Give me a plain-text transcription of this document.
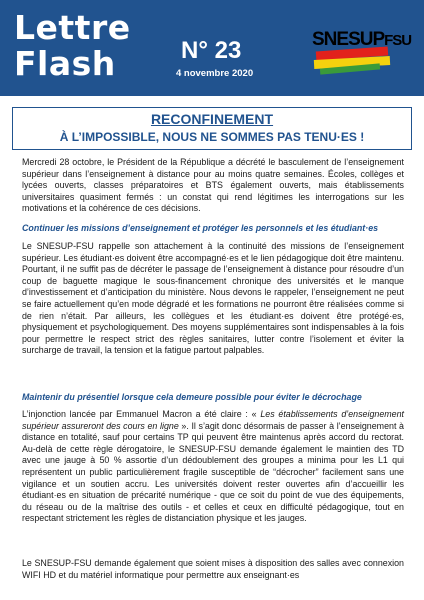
Lettre
Flash	N° 23
4 novembre 2020
SNESUPFSU
RECONFINEMENT
À L’IMPOSSIBLE, NOUS NE SOMMES PAS TENU·ES !

Mercredi 28 octobre, le Président de la République a décrété le basculement de l’enseignement supérieur dans l’enseignement à distance pour au moins quatre semaines. Écoles, collèges et lycées ouverts, classes préparatoires et BTS également ouverts, mais établissements universitaires quasiment fermés : un constat qui rend légitimes les interrogations sur les motivations et la cohérence de ces décisions.

Continuer les missions d’enseignement et protéger les personnels et les étudiant·es

Le SNESUP-FSU rappelle son attachement à la continuité des missions de l’enseignement supérieur. Les étudiant·es doivent être accompagné·es et le lien pédagogique doit être maintenu. Pourtant, il ne suffit pas de décréter le passage de l’enseignement à distance pour résoudre d’un coup de baguette magique le sous-financement chronique des universités et le manque d’investissement et d’anticipation du ministère. Nous devons le rappeler, l’enseignement ne peut se faire actuellement qu’en mode dégradé et les formations ne pourront être réalisées comme si de rien n’était. Par ailleurs, les collègues et les étudiant·es doivent être protégé·es, physiquement et psychologiquement. Des moyens supplémentaires sont indispensables à la fois pour permettre le respect strict des règles sanitaires, lutter contre l’isolement et éviter la surcharge de travail, la tension et la fatigue partout palpables.

Maintenir du présentiel lorsque cela demeure possible pour éviter le décrochage

L’injonction lancée par Emmanuel Macron a été claire : « Les établissements d’enseignement supérieur assureront des cours en ligne ». Il s’agit donc désormais de passer à l’enseignement à distance en totalité, sauf pour certains TP qui peuvent être maintenus après accord du rectorat. Au-delà de cette règle dérogatoire, le SNESUP-FSU demande également le maintien des TD avec une jauge à 50 % assortie d’un dédoublement des groupes a minima pour les L1 qui représentent un public particulièrement fragile susceptible de “décrocher” facilement sans une vigilance et un soutien accru. Les universités doivent rester ouvertes afin d’accueillir les étudiant·es en situation de précarité numérique - que ce soit du point de vue des équipements, du réseau ou de la maîtrise des outils - et celles et ceux en difficulté pédagogique, tout en respectant strictement les règles de distanciation physique et les jauges.

Le SNESUP-FSU demande également que soient mises à disposition des salles avec connexion WIFI HD et du matériel informatique pour permettre aux enseignant·es
